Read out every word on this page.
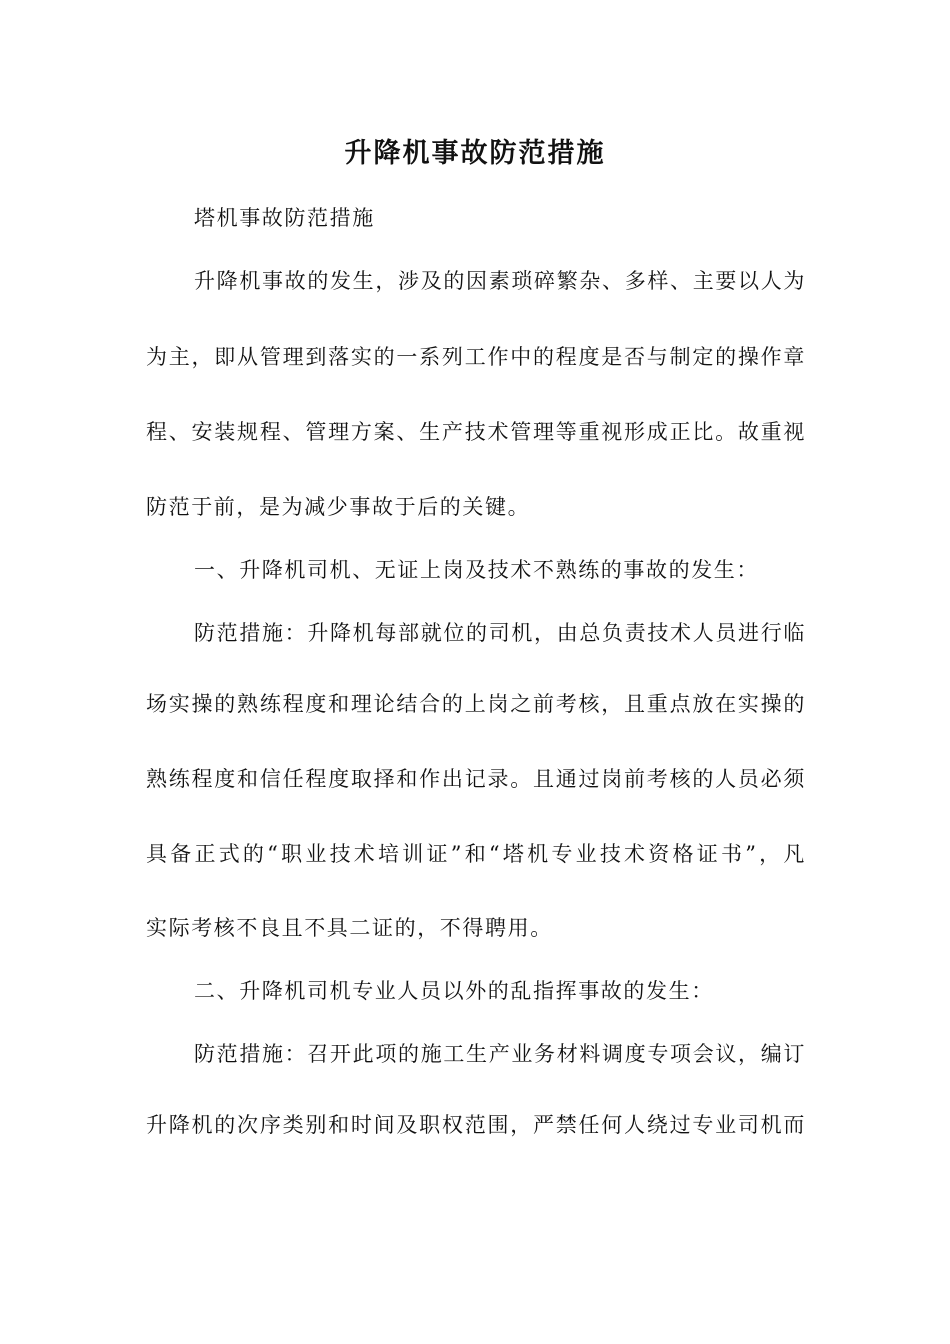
升降机事故防范措施
塔机事故防范措施
升降机事故的发生，涉及的因素琐碎繁杂、多样、主要以人为
为主，即从管理到落实的一系列工作中的程度是否与制定的操作章
程、安装规程、管理方案、生产技术管理等重视形成正比。故重视
防范于前，是为减少事故于后的关键。
一、升降机司机、无证上岗及技术不熟练的事故的发生：
防范措施：升降机每部就位的司机，由总负责技术人员进行临
场实操的熟练程度和理论结合的上岗之前考核，且重点放在实操的
熟练程度和信任程度取择和作出记录。且通过岗前考核的人员必须
具备正式的“职业技术培训证”和“塔机专业技术资格证书”，凡
实际考核不良且不具二证的，不得聘用。
二、升降机司机专业人员以外的乱指挥事故的发生：
防范措施：召开此项的施工生产业务材料调度专项会议，编订
升降机的次序类别和时间及职权范围，严禁任何人绕过专业司机而
